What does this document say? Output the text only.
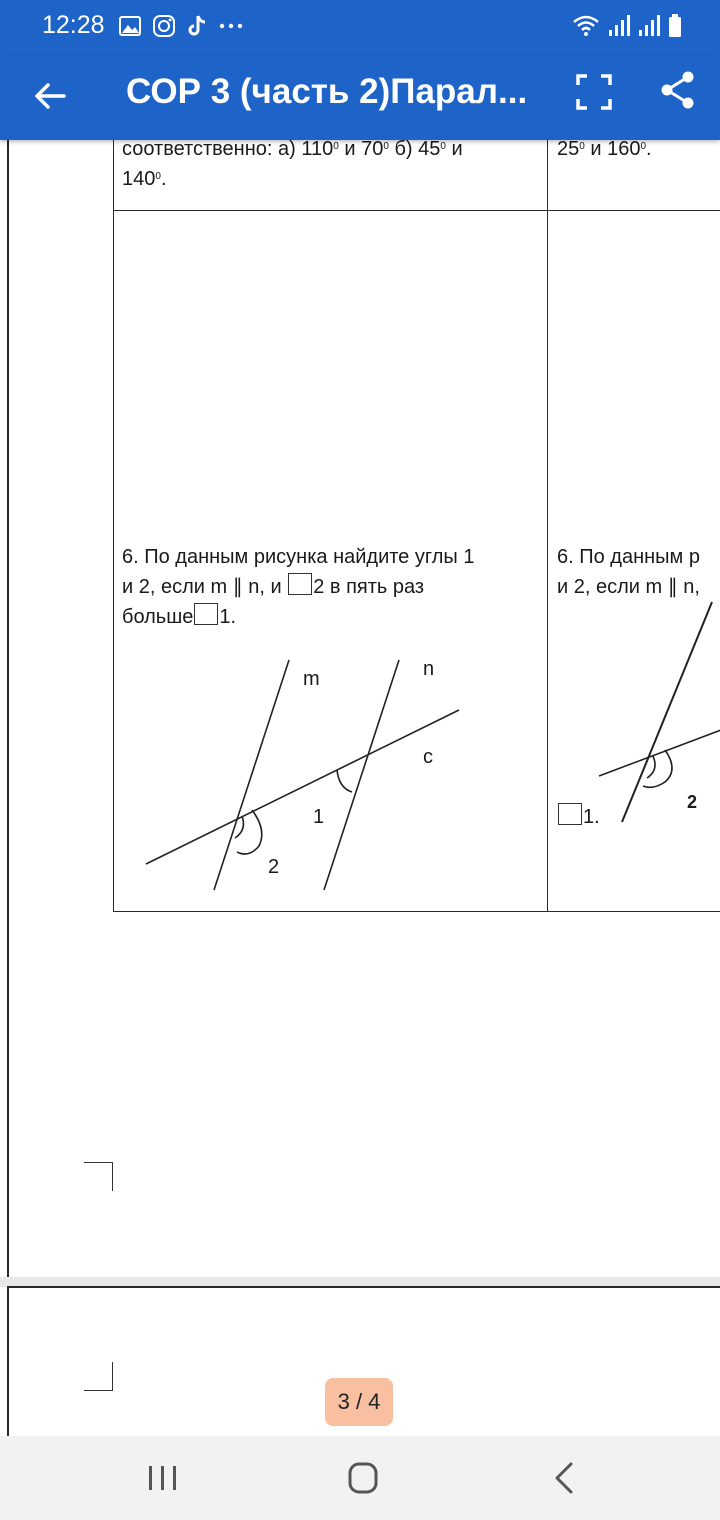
12:28
СОР 3 (часть 2)Парал...
соответственно: а) $110^0$ и $70^0$ б) $45^0$ и
$140^0$.
$25^0$ и $160^0$.
6. По данным рисунка найдите углы 1
и 2, если m ∥ n, и 2 в пять раз
больше 1.
6. По данным р
и 2, если m ∥ n,
m	n
c
1
2
2
1.
3 / 4
